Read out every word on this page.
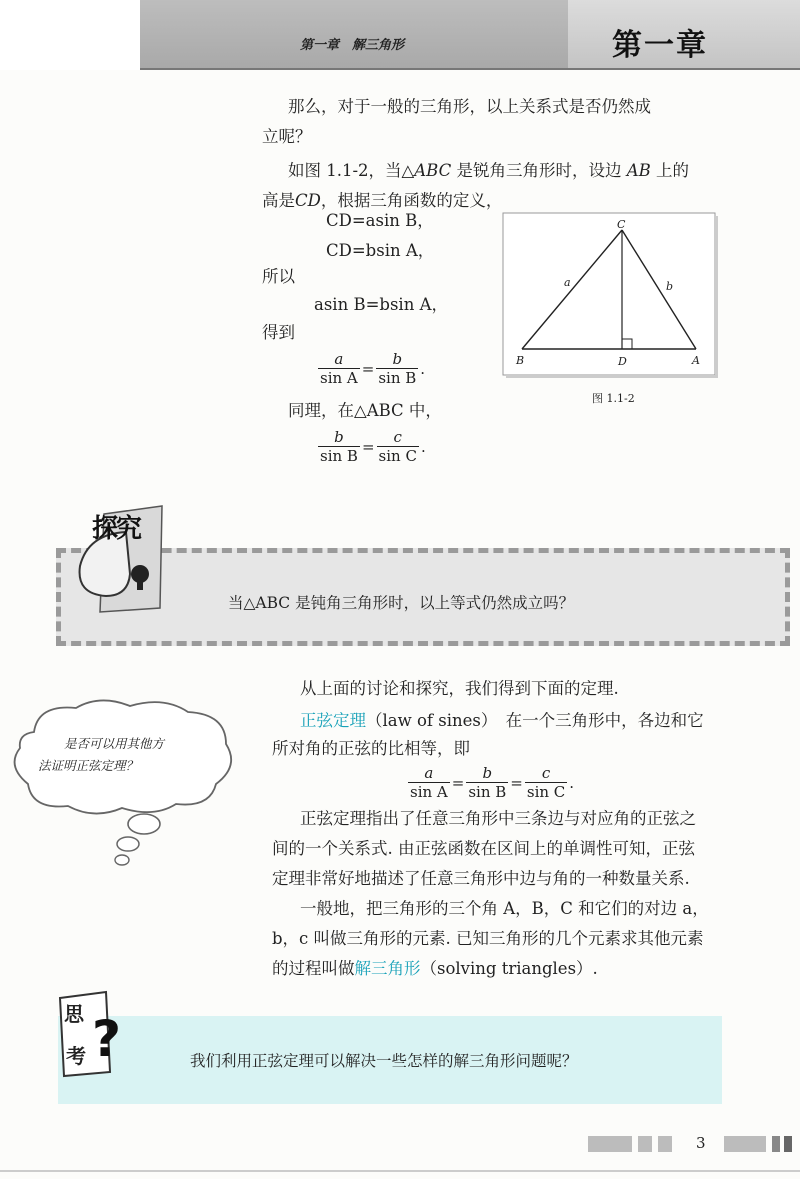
第一章　解三角形	第一章
那么，对于一般的三角形，以上关系式是否仍然成
立呢？
如图 1.1-2，当△ABC 是锐角三角形时，设边 AB 上的
高是CD，根据三角函数的定义，
CD=asin B，
CD=bsin A，
所以
asin B=bsin A，
得到
$\frac{a}{\text{sin A}} = \frac{b}{\text{sin B}}$ .
同理，在△ABC 中，
$\frac{b}{\text{sin B}} = \frac{c}{\text{sin C}}$ .
C
B	D	A
a	b
图 1.1-2
探究
当△ABC 是钝角三角形时，以上等式仍然成立吗？
从上面的讨论和探究，我们得到下面的定理.
正弦定理（law of sines）　 在一个三角形中，各边和它
所对角的正弦的比相等，即
$\frac{a}{\text{sin A}} = \frac{b}{\text{sin B}} = \frac{c}{\text{sin C}}$ .
正弦定理指出了任意三角形中三条边与对应角的正弦之
间的一个关系式. 由正弦函数在区间上的单调性可知，正弦
定理非常好地描述了任意三角形中边与角的一种数量关系.
一般地，把三角形的三个角 A，B，C 和它们的对边 a，
b，c 叫做三角形的元素. 已知三角形的几个元素求其他元素
的过程叫做解三角形（solving triangles）.
是否可以用其他方
法证明正弦定理？
思
考 ?	我们利用正弦定理可以解决一些怎样的解三角形问题呢？
3
